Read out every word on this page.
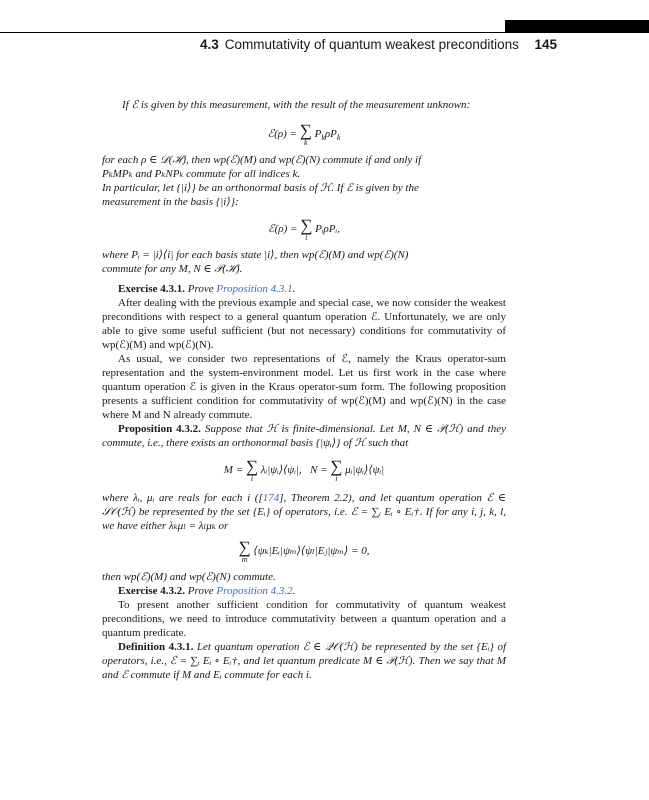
4.3 Commutativity of quantum weakest preconditions 145
If ℰ is given by this measurement, with the result of the measurement unknown:
ℰ(ρ) = ∑
k
$P_k\rho P_k$
for each ρ ∈ 𝒟(ℋ), then wp(ℰ)(M) and wp(ℰ)(N) commute if and only if
PₖMPₖ and PₖNPₖ commute for all indices k.
In particular, let {|i⟩} be an orthonormal basis of ℋ. If ℰ is given by the
measurement in the basis {|i⟩}:
ℰ(ρ) = ∑
i
PᵢρPᵢ,
where Pᵢ = |i⟩⟨i| for each basis state |i⟩, then wp(ℰ)(M) and wp(ℰ)(N)
commute for any M, N ∈ 𝒫(ℋ).
Exercise 4.3.1. Prove Proposition 4.3.1.
After dealing with the previous example and special case, we now consider the weakest preconditions with respect to a general quantum operation ℰ. Unfortunately, we are only able to give some useful sufficient (but not necessary) conditions for commutativity of wp(ℰ)(M) and wp(ℰ)(N).
As usual, we consider two representations of ℰ, namely the Kraus operator-sum representation and the system-environment model. Let us first work in the case where quantum operation ℰ is given in the Kraus operator-sum form. The following proposition presents a sufficient condition for commutativity of wp(ℰ)(M) and wp(ℰ)(N) in the case where M and N already commute.
Proposition 4.3.2. Suppose that ℋ is finite-dimensional. Let M, N ∈ 𝒫(ℋ) and they commute, i.e., there exists an orthonormal basis {|ψᵢ⟩} of ℋ such that
M = ∑
i
λᵢ|ψᵢ⟩⟨ψᵢ|, N = ∑
i
μᵢ|ψᵢ⟩⟨ψᵢ|
where λᵢ, μᵢ are reals for each i ([174], Theorem 2.2), and let quantum operation ℰ ∈ 𝒮𝒪(ℋ) be represented by the set {Eᵢ} of operators, i.e. ℰ = ∑ᵢ Eᵢ ∘ Eᵢ†. If for any i, j, k, l, we have either λₖμₗ = λₗμₖ or
∑
m
⟨ψₖ|Eᵢ|ψₘ⟩⟨ψₗ|Eⱼ|ψₘ⟩ = 0,
then wp(ℰ)(M) and wp(ℰ)(N) commute.
Exercise 4.3.2. Prove Proposition 4.3.2.
To present another sufficient condition for commutativity of quantum weakest preconditions, we need to introduce commutativity between a quantum operation and a quantum predicate.
Definition 4.3.1. Let quantum operation ℰ ∈ 𝒬𝒪(ℋ) be represented by the set {Eᵢ} of operators, i.e., ℰ = ∑ᵢ Eᵢ ∘ Eᵢ†, and let quantum predicate M ∈ 𝒫(ℋ). Then we say that M and ℰ commute if M and Eᵢ commute for each i.
